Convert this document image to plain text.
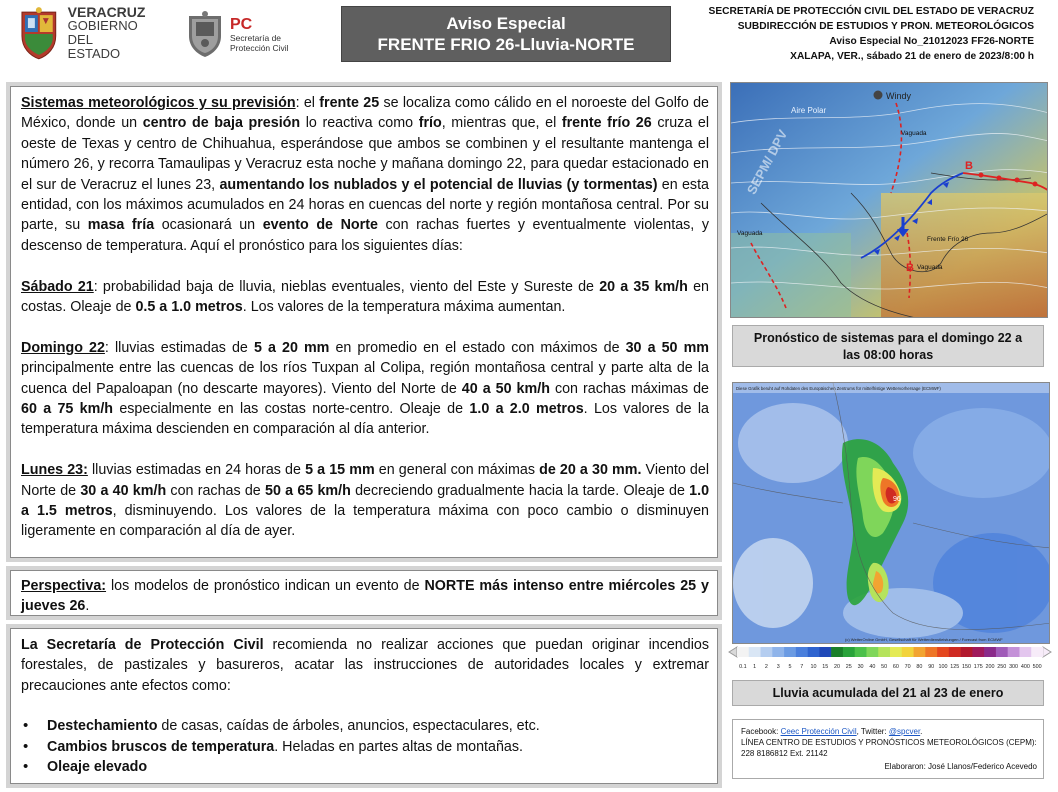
VERACRUZ
GOBIERNO
DEL ESTADO
PC
Secretaría de
Protección Civil
Aviso Especial
FRENTE FRIO 26-Lluvia-NORTE
SECRETARÍA DE PROTECCIÓN CIVIL DEL ESTADO DE VERACRUZ
SUBDIRECCIÓN DE ESTUDIOS Y PRON. METEOROLÓGICOS
Aviso Especial No_21012023 FF26-NORTE
XALAPA, VER., sábado 21 de enero de 2023/8:00 h

Sistemas meteorológicos y su previsión: el frente 25 se localiza como cálido en el noroeste del Golfo de México, donde un centro de baja presión lo reactiva como frío, mientras que, el frente frío 26 cruza el oeste de Texas y centro de Chihuahua, esperándose que ambos se combinen y el resultante mantenga el número 26, y recorra Tamaulipas y Veracruz esta noche y mañana domingo 22, para quedar estacionado en el sur de Veracruz el lunes 23, aumentando los nublados y el potencial de lluvias (y tormentas) en esta entidad, con los máximos acumulados en 24 horas en cuencas del norte y región montañosa central. Por su parte, su masa fría ocasionará un evento de Norte con rachas fuertes y eventualmente violentas, y descenso de temperatura. Aquí el pronóstico para los siguientes días:

Sábado 21: probabilidad baja de lluvia, nieblas eventuales, viento del Este y Sureste de 20 a 35 km/h en costas. Oleaje de 0.5 a 1.0 metros. Los valores de la temperatura máxima aumentan.

Domingo 22: lluvias estimadas de 5 a 20 mm en promedio en el estado con máximos de 30 a 50 mm principalmente entre las cuencas de los ríos Tuxpan al Colipa, región montañosa central y parte alta de la cuenca del Papaloapan (no descarte mayores). Viento del Norte de 40 a 50 km/h con rachas máximas de 60 a 75 km/h especialmente en las costas norte-centro. Oleaje de 1.0 a 2.0 metros. Los valores de la temperatura máxima descienden en comparación al día anterior.

Lunes 23: lluvias estimadas en 24 horas de 5 a 15 mm en general con máximas de 20 a 30 mm. Viento del Norte de 30 a 40 km/h con rachas de 50 a 65 km/h decreciendo gradualmente hacia la tarde. Oleaje de 1.0 a 1.5 metros, disminuyendo. Los valores de la temperatura máxima con poco cambio o disminuyen ligeramente en comparación al día de ayer.

Perspectiva: los modelos de pronóstico indican un evento de NORTE más intenso entre miércoles 25 y jueves 26.

La Secretaría de Protección Civil recomienda no realizar acciones que puedan originar incendios forestales, de pastizales y basureros, acatar las instrucciones de autoridades locales y extremar precauciones ante efectos como:

• Destechamiento de casas, caídas de árboles, anuncios, espectaculares, etc.
• Cambios bruscos de temperatura. Heladas en partes altas de montañas.
• Oleaje elevado
Windy
Aire Polar
SEPM/ DPV	Vaguada
Vaguada
Vaguada
B
B
Frente Frío 26
Pronóstico de sistemas para el domingo 22 a
las 08:00 horas
96
Diese Grafik beruht auf Rohdaten des Europäischen Zentrums für mittelfristige Wettervorhersage (ECMWF)
(c) WetterOnline GmbH, Gesellschaft für Wetterdienstleistungen / Forecast from ECMWF
0.1 1 2 3 5 7 10 15 20 25 30 40 50 60 70 80 90 100 125 150 175 200 250 300 400 500
Lluvia acumulada del 21 al 23 de enero
Facebook: Ceec Protección Civil, Twitter: @spcver.
LÍNEA CENTRO DE ESTUDIOS Y PRONÓSTICOS METEOROLÓGICOS (CEPM):
228 8186812 Ext. 21142
Elaboraron: José Llanos/Federico Acevedo
